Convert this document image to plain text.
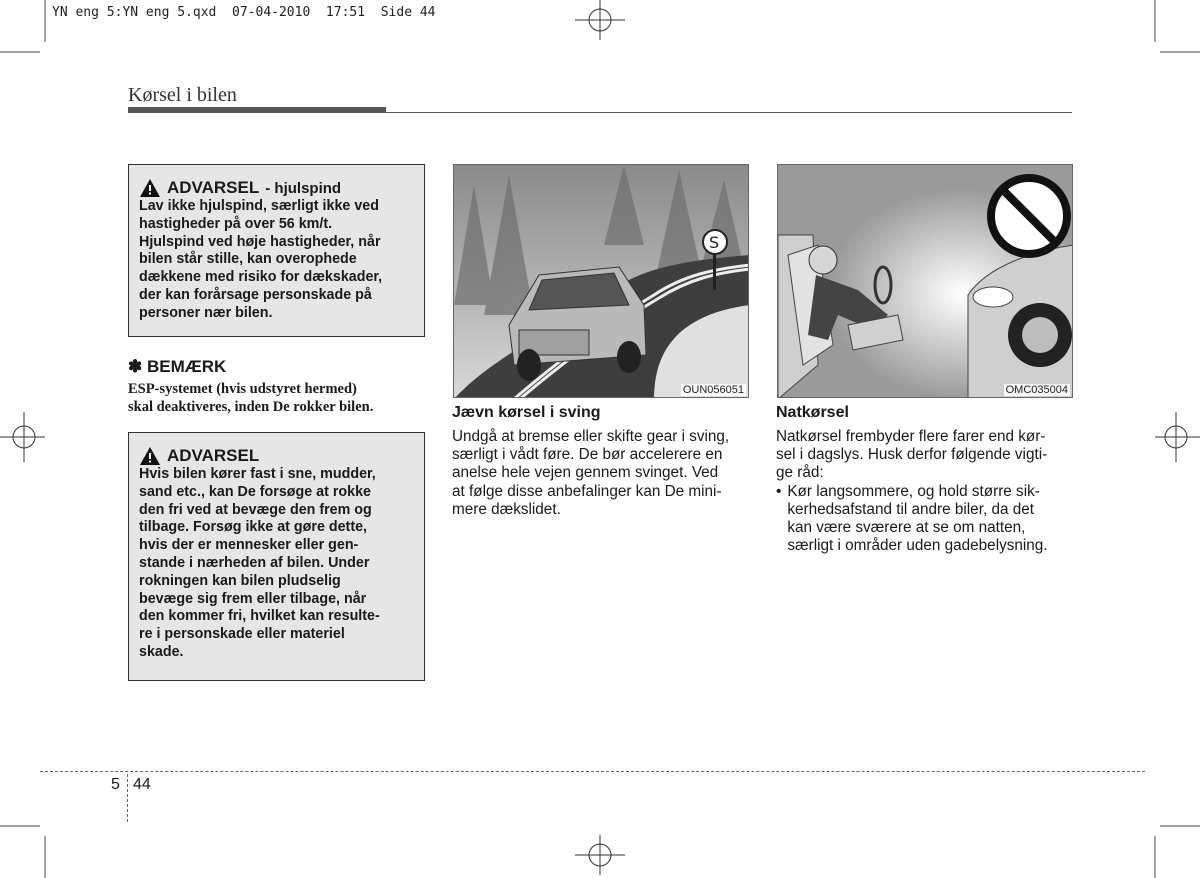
YN eng 5:YN eng 5.qxd  07-04-2010  17:51  Side 44
Kørsel i bilen
ADVARSEL - hjulspind
Lav ikke hjulspind, særligt ikke ved
hastigheder på over 56 km/t.
Hjulspind ved høje hastigheder, når
bilen står stille, kan overophede
dækkene med risiko for dækskader,
der kan forårsage personskade på
personer nær bilen.
✽ BEMÆRK
ESP-systemet (hvis udstyret hermed)
skal deaktiveres, inden De rokker bilen.
ADVARSEL
Hvis bilen kører fast i sne, mudder,
sand etc., kan De forsøge at rokke
den fri ved at bevæge den frem og
tilbage. Forsøg ikke at gøre dette,
hvis der er mennesker eller gen-
stande i nærheden af bilen. Under
rokningen kan bilen pludselig
bevæge sig frem eller tilbage, når
den kommer fri, hvilket kan resulte-
re i personskade eller materiel
skade.
S
OUN056051	OMC035004
Jævn kørsel i sving
Undgå at bremse eller skifte gear i sving,
særligt i vådt føre. De bør accelerere en
anelse hele vejen gennem svinget. Ved
at følge disse anbefalinger kan De mini-
mere dækslidet.
Natkørsel
Natkørsel frembyder flere farer end kør-
sel i dagslys. Husk derfor følgende vigti-
ge råd:
• Kør langsommere, og hold større sik-
kerhedsafstand til andre biler, da det
kan være sværere at se om natten,
særligt i områder uden gadebelysning.
5 44
